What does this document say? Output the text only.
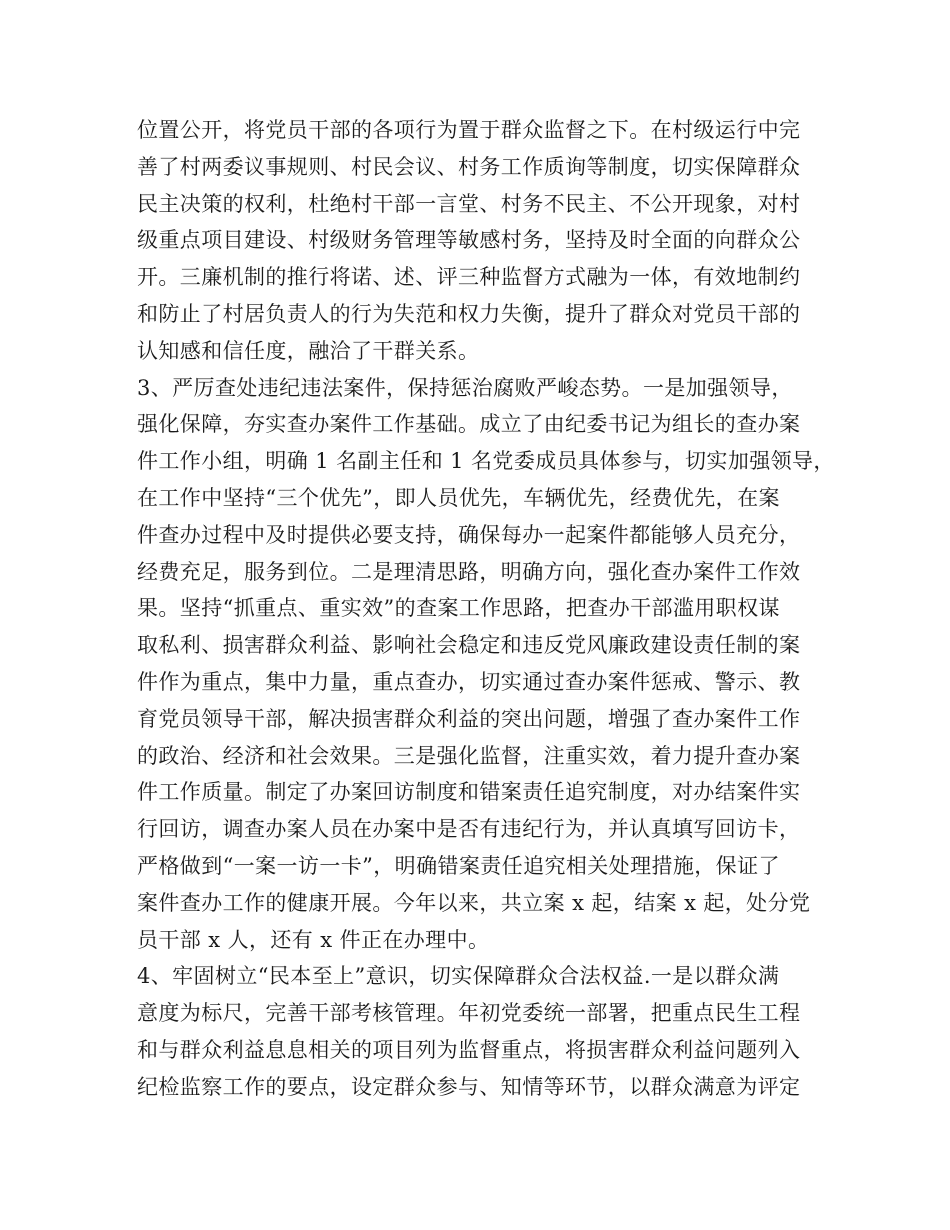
位置公开，将党员干部的各项行为置于群众监督之下。在村级运行中完
善了村两委议事规则、村民会议、村务工作质询等制度，切实保障群众
民主决策的权利，杜绝村干部一言堂、村务不民主、不公开现象，对村
级重点项目建设、村级财务管理等敏感村务，坚持及时全面的向群众公
开。三廉机制的推行将诺、述、评三种监督方式融为一体，有效地制约
和防止了村居负责人的行为失范和权力失衡，提升了群众对党员干部的
认知感和信任度，融洽了干群关系。
3、严厉查处违纪违法案件，保持惩治腐败严峻态势。一是加强领导，
强化保障，夯实查办案件工作基础。成立了由纪委书记为组长的查办案
件工作小组，明确 1 名副主任和 1 名党委成员具体参与，切实加强领导，
在工作中坚持“三个优先”，即人员优先，车辆优先，经费优先，在案
件查办过程中及时提供必要支持，确保每办一起案件都能够人员充分，
经费充足，服务到位。二是理清思路，明确方向，强化查办案件工作效
果。坚持“抓重点、重实效”的查案工作思路，把查办干部滥用职权谋
取私利、损害群众利益、影响社会稳定和违反党风廉政建设责任制的案
件作为重点，集中力量，重点查办，切实通过查办案件惩戒、警示、教
育党员领导干部，解决损害群众利益的突出问题，增强了查办案件工作
的政治、经济和社会效果。三是强化监督，注重实效，着力提升查办案
件工作质量。制定了办案回访制度和错案责任追究制度，对办结案件实
行回访，调查办案人员在办案中是否有违纪行为，并认真填写回访卡，
严格做到“一案一访一卡”，明确错案责任追究相关处理措施，保证了
案件查办工作的健康开展。今年以来，共立案 x 起，结案 x 起，处分党
员干部 x 人，还有 x 件正在办理中。
4、牢固树立“民本至上”意识，切实保障群众合法权益.一是以群众满
意度为标尺，完善干部考核管理。年初党委统一部署，把重点民生工程
和与群众利益息息相关的项目列为监督重点，将损害群众利益问题列入
纪检监察工作的要点，设定群众参与、知情等环节，以群众满意为评定
